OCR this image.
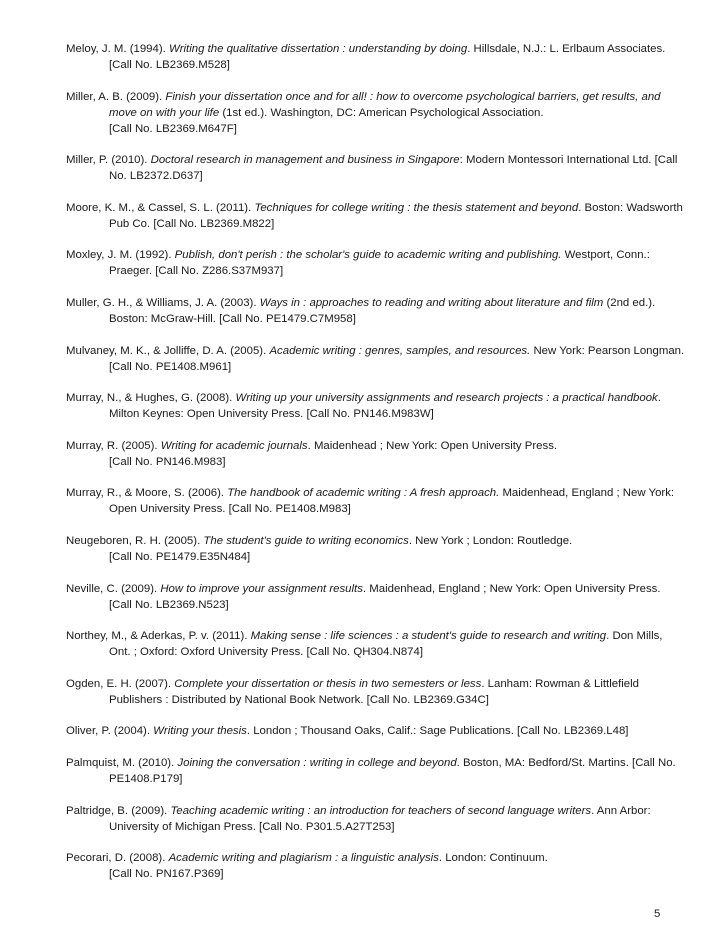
Meloy, J. M. (1994). Writing the qualitative dissertation : understanding by doing. Hillsdale, N.J.: L. Erlbaum Associates. [Call No. LB2369.M528]

Miller, A. B. (2009). Finish your dissertation once and for all! : how to overcome psychological barriers, get results, and move on with your life (1st ed.). Washington, DC: American Psychological Association.
[Call No. LB2369.M647F]

Miller, P. (2010). Doctoral research in management and business in Singapore: Modern Montessori International Ltd. [Call No. LB2372.D637]

Moore, K. M., & Cassel, S. L. (2011). Techniques for college writing : the thesis statement and beyond. Boston: Wadsworth Pub Co. [Call No. LB2369.M822]

Moxley, J. M. (1992). Publish, don't perish : the scholar's guide to academic writing and publishing. Westport, Conn.: Praeger. [Call No. Z286.S37M937]

Muller, G. H., & Williams, J. A. (2003). Ways in : approaches to reading and writing about literature and film (2nd ed.). Boston: McGraw-Hill. [Call No. PE1479.C7M958]

Mulvaney, M. K., & Jolliffe, D. A. (2005). Academic writing : genres, samples, and resources. New York: Pearson Longman. [Call No. PE1408.M961]

Murray, N., & Hughes, G. (2008). Writing up your university assignments and research projects : a practical handbook. Milton Keynes: Open University Press. [Call No. PN146.M983W]

Murray, R. (2005). Writing for academic journals. Maidenhead ; New York: Open University Press.
[Call No. PN146.M983]

Murray, R., & Moore, S. (2006). The handbook of academic writing : A fresh approach. Maidenhead, England ; New York: Open University Press. [Call No. PE1408.M983]

Neugeboren, R. H. (2005). The student's guide to writing economics. New York ; London: Routledge.
[Call No. PE1479.E35N484]

Neville, C. (2009). How to improve your assignment results. Maidenhead, England ; New York: Open University Press. [Call No. LB2369.N523]

Northey, M., & Aderkas, P. v. (2011). Making sense : life sciences : a student's guide to research and writing. Don Mills, Ont. ; Oxford: Oxford University Press. [Call No. QH304.N874]

Ogden, E. H. (2007). Complete your dissertation or thesis in two semesters or less. Lanham: Rowman & Littlefield Publishers : Distributed by National Book Network. [Call No. LB2369.G34C]

Oliver, P. (2004). Writing your thesis. London ; Thousand Oaks, Calif.: Sage Publications. [Call No. LB2369.L48]

Palmquist, M. (2010). Joining the conversation : writing in college and beyond. Boston, MA: Bedford/St. Martins. [Call No. PE1408.P179]

Paltridge, B. (2009). Teaching academic writing : an introduction for teachers of second language writers. Ann Arbor: University of Michigan Press. [Call No. P301.5.A27T253]

Pecorari, D. (2008). Academic writing and plagiarism : a linguistic analysis. London: Continuum.
[Call No. PN167.P369]

5
